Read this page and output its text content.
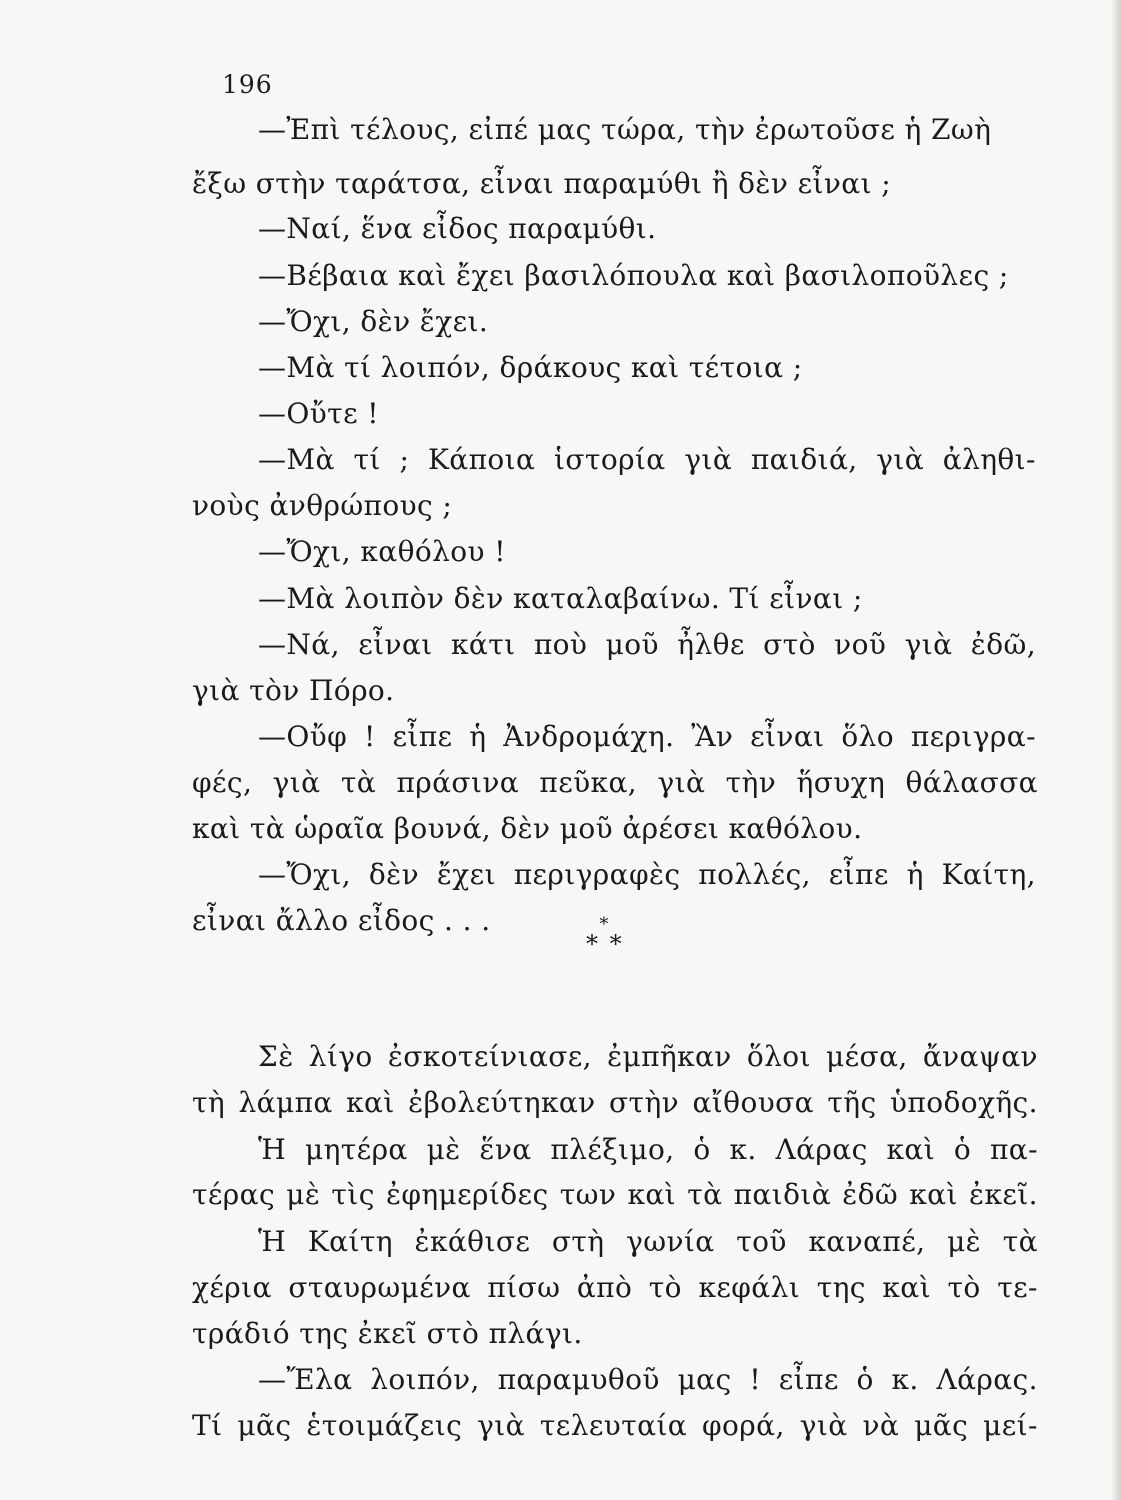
196
—Ἐπὶ τέλους, εἰπέ μας τώρα, τὴν ἐρωτοῦσε ἡ Ζωὴ
ἔξω στὴν ταράτσα, εἶναι παραμύθι ἢ δὲν εἶναι ;
—Ναί, ἕνα εἶδος παραμύθι.
—Βέβαια καὶ ἔχει βασιλόπουλα καὶ βασιλοποῦλες ;
—Ὄχι, δὲν ἔχει.
—Μὰ τί λοιπόν, δράκους καὶ τέτοια ;
—Οὔτε !
—Μὰ τί ; Κάποια ἱστορία γιὰ παιδιά, γιὰ ἀληθι-
νοὺς ἀνθρώπους ;
—Ὄχι, καθόλου !
—Μὰ λοιπὸν δὲν καταλαβαίνω. Τί εἶναι ;
—Νά, εἶναι κάτι ποὺ μοῦ ἦλθε στὸ νοῦ γιὰ ἐδῶ,
γιὰ τὸν Πόρο.
—Οὔφ ! εἶπε ἡ Ἀνδρομάχη. Ἂν εἶναι ὅλο περιγρα-
φές, γιὰ τὰ πράσινα πεῦκα, γιὰ τὴν ἥσυχη θάλασσα
καὶ τὰ ὡραῖα βουνά, δὲν μοῦ ἀρέσει καθόλου.
—Ὄχι, δὲν ἔχει περιγραφὲς πολλές, εἶπε ἡ Καίτη,
εἶναι ἄλλο εἶδος . . .
Σὲ λίγο ἐσκοτείνιασε, ἐμπῆκαν ὅλοι μέσα, ἄναψαν
τὴ λάμπα καὶ ἐβολεύτηκαν στὴν αἴθουσα τῆς ὑποδοχῆς.
Ἡ μητέρα μὲ ἕνα πλέξιμο, ὁ κ. Λάρας καὶ ὁ πα-
τέρας μὲ τὶς ἐφημερίδες των καὶ τὰ παιδιὰ ἐδῶ καὶ ἐκεῖ.
Ἡ Καίτη ἐκάθισε στὴ γωνία τοῦ καναπέ, μὲ τὰ
χέρια σταυρωμένα πίσω ἀπὸ τὸ κεφάλι της καὶ τὸ τε-
τράδιό της ἐκεῖ στὸ πλάγι.
—Ἔλα λοιπόν, παραμυθοῦ μας ! εἶπε ὁ κ. Λάρας.
Τί μᾶς ἑτοιμάζεις γιὰ τελευταία φορά, γιὰ νὰ μᾶς μεί-
*
* *
